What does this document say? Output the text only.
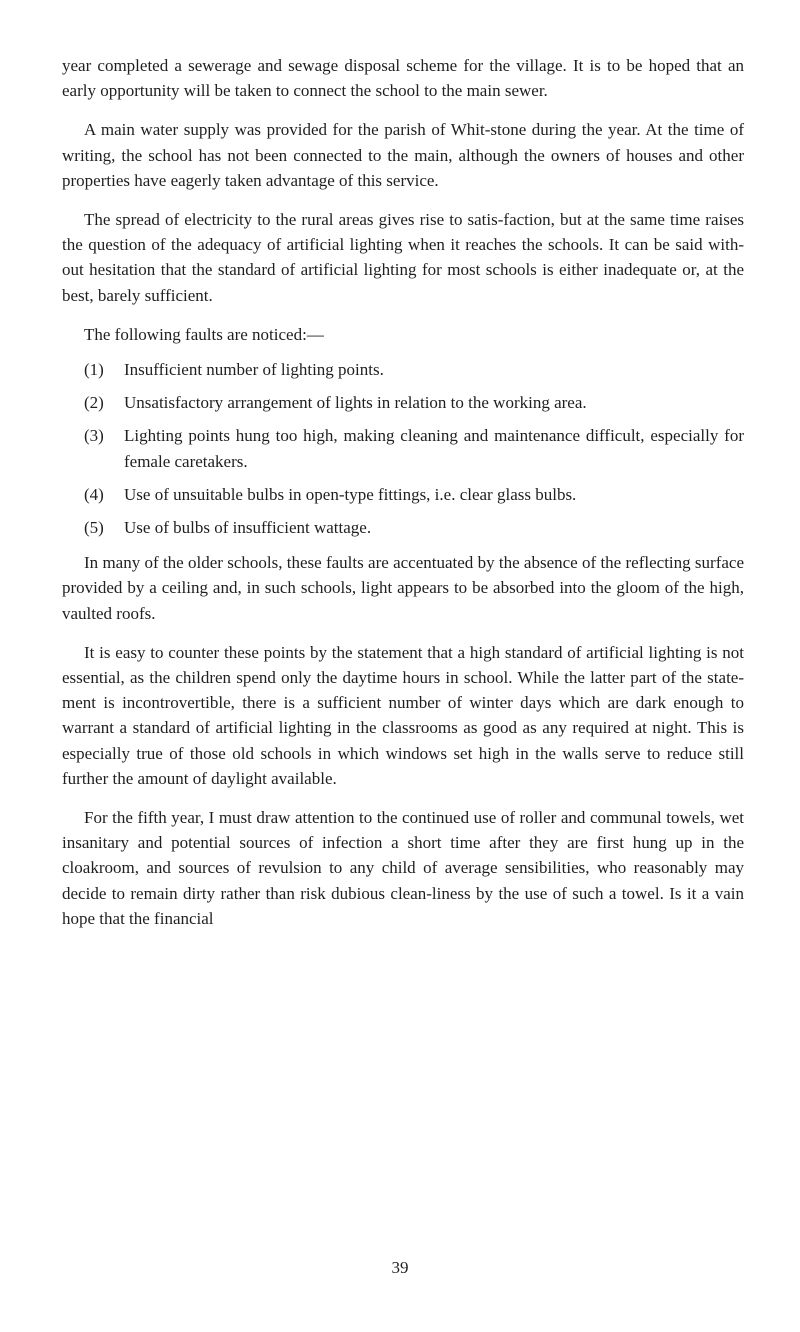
year completed a sewerage and sewage disposal scheme for the village. It is to be hoped that an early opportunity will be taken to connect the school to the main sewer.

A main water supply was provided for the parish of Whit-stone during the year. At the time of writing, the school has not been connected to the main, although the owners of houses and other properties have eagerly taken advantage of this service.

The spread of electricity to the rural areas gives rise to satis-faction, but at the same time raises the question of the adequacy of artificial lighting when it reaches the schools. It can be said with-out hesitation that the standard of artificial lighting for most schools is either inadequate or, at the best, barely sufficient.

The following faults are noticed:—

(1) Insufficient number of lighting points.
(2) Unsatisfactory arrangement of lights in relation to the working area.
(3) Lighting points hung too high, making cleaning and maintenance difficult, especially for female caretakers.
(4) Use of unsuitable bulbs in open-type fittings, i.e. clear glass bulbs.
(5) Use of bulbs of insufficient wattage.

In many of the older schools, these faults are accentuated by the absence of the reflecting surface provided by a ceiling and, in such schools, light appears to be absorbed into the gloom of the high, vaulted roofs.

It is easy to counter these points by the statement that a high standard of artificial lighting is not essential, as the children spend only the daytime hours in school. While the latter part of the state-ment is incontrovertible, there is a sufficient number of winter days which are dark enough to warrant a standard of artificial lighting in the classrooms as good as any required at night. This is especially true of those old schools in which windows set high in the walls serve to reduce still further the amount of daylight available.

For the fifth year, I must draw attention to the continued use of roller and communal towels, wet insanitary and potential sources of infection a short time after they are first hung up in the cloakroom, and sources of revulsion to any child of average sensibilities, who reasonably may decide to remain dirty rather than risk dubious clean-liness by the use of such a towel. Is it a vain hope that the financial

39
